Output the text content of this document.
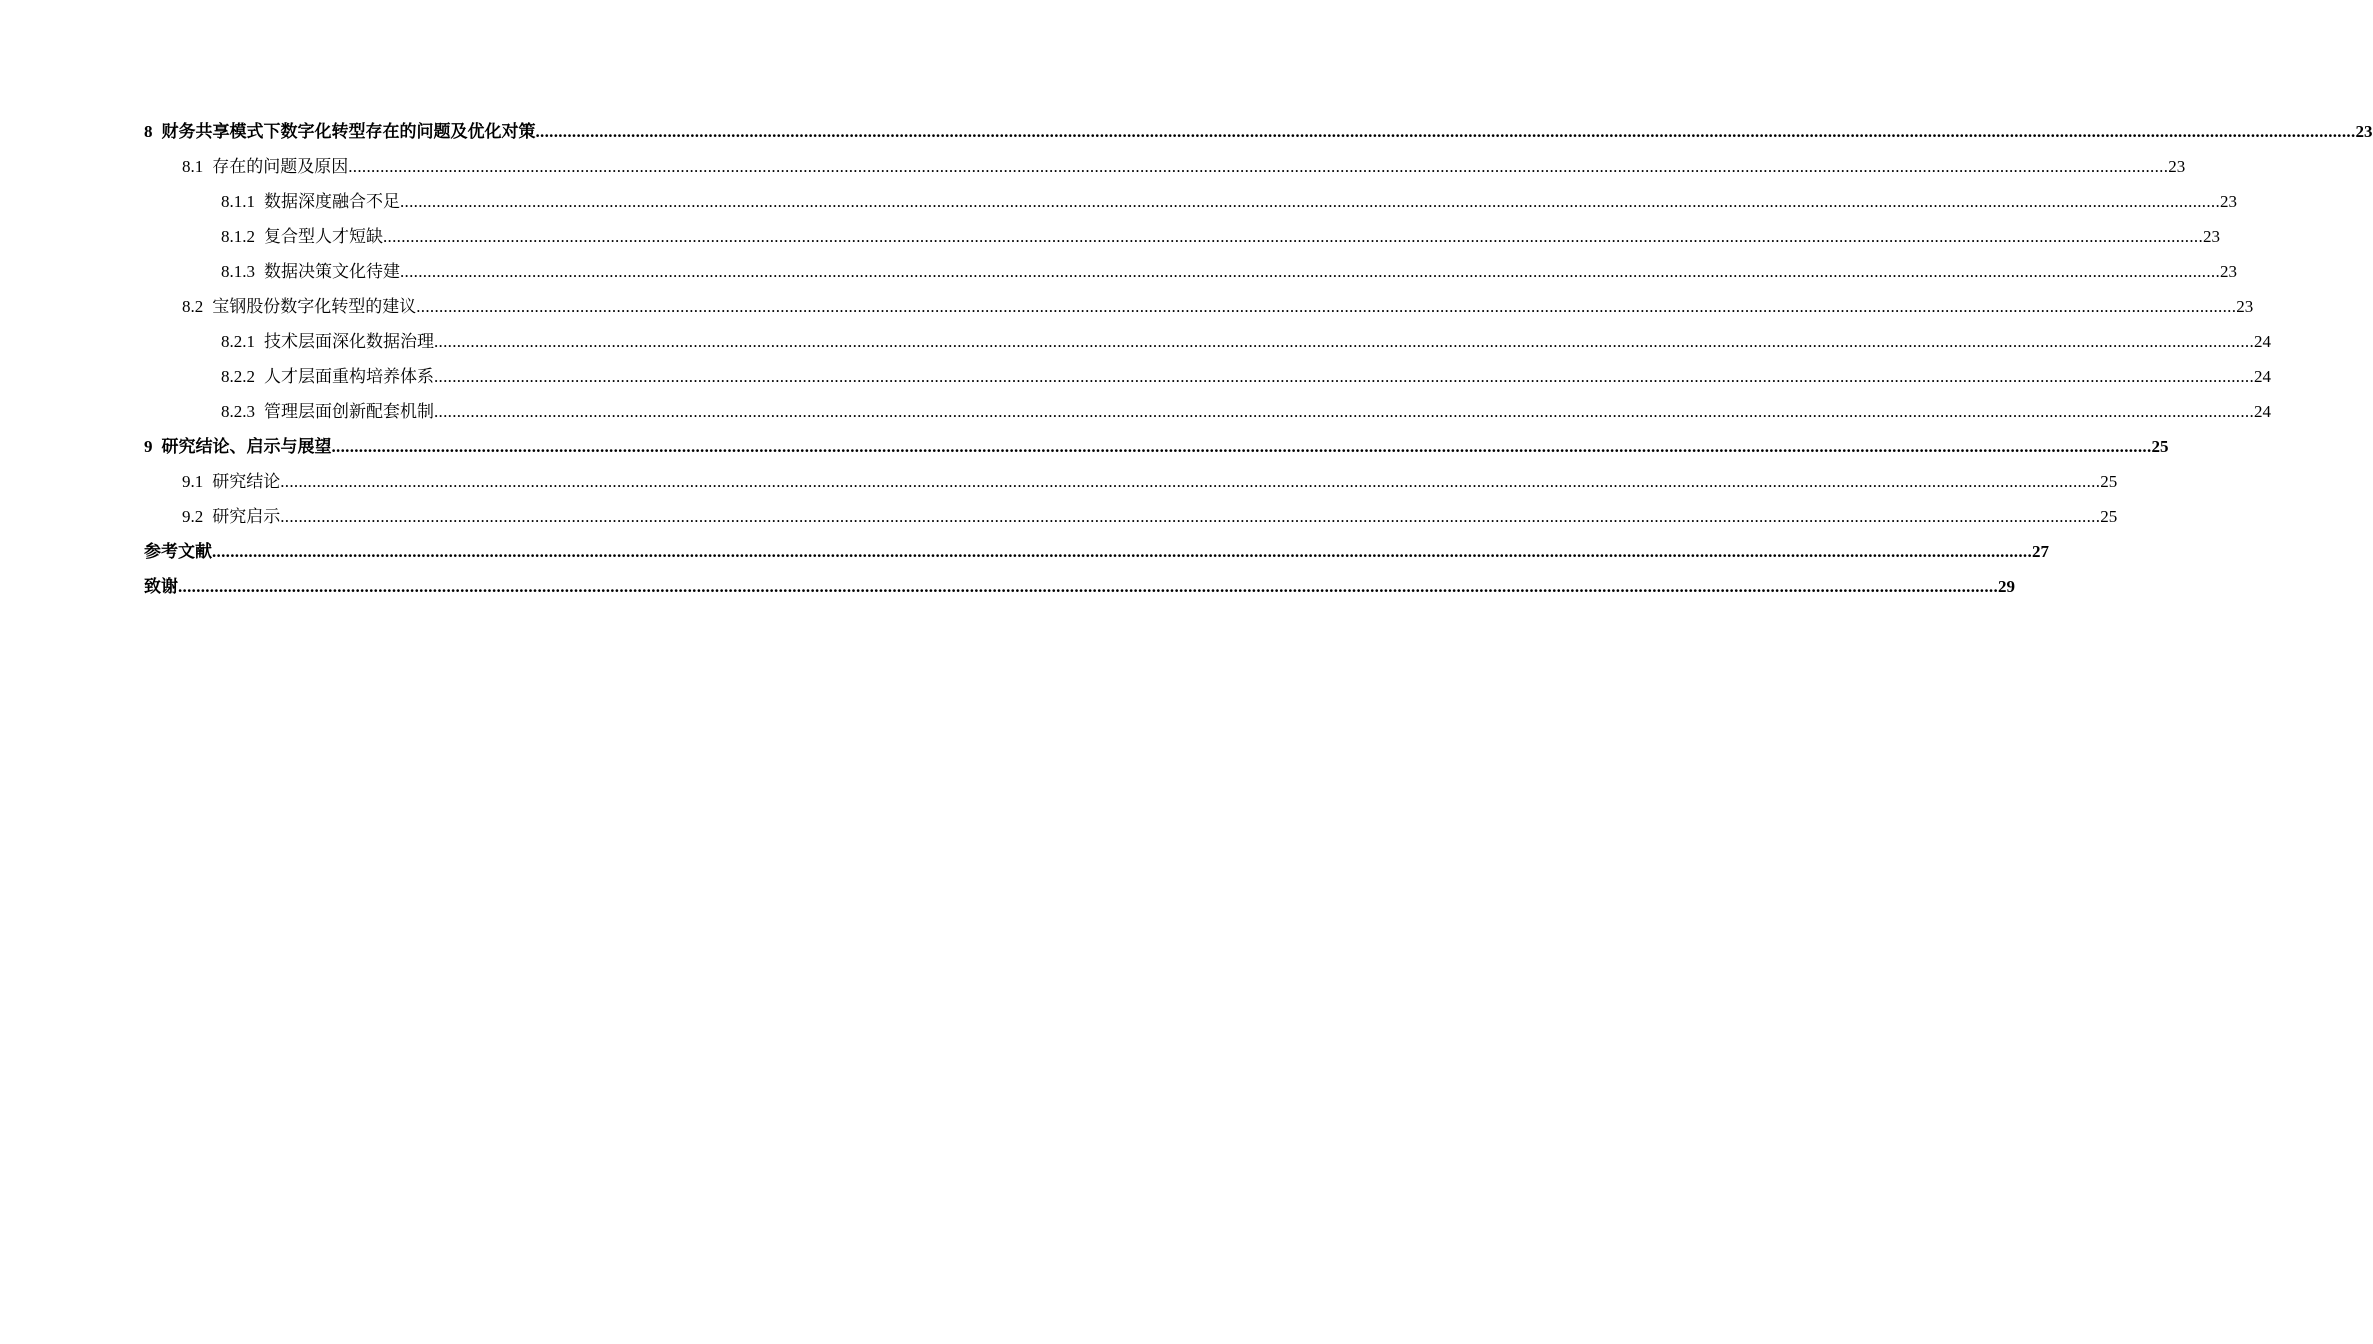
8 财务共享模式下数字化转型存在的问题及优化对策 ................................................................................................................................................................................................................................................................................................................................................................................................................ 23
8.1 存在的问题及原因 ................................................................................................................................................................................................................................................................................................................................................................................................................ 23
8.1.1 数据深度融合不足 ................................................................................................................................................................................................................................................................................................................................................................................................................ 23
8.1.2 复合型人才短缺 ................................................................................................................................................................................................................................................................................................................................................................................................................ 23
8.1.3 数据决策文化待建 ................................................................................................................................................................................................................................................................................................................................................................................................................ 23
8.2 宝钢股份数字化转型的建议 ................................................................................................................................................................................................................................................................................................................................................................................................................ 23
8.2.1 技术层面深化数据治理 ................................................................................................................................................................................................................................................................................................................................................................................................................ 24
8.2.2 人才层面重构培养体系 ................................................................................................................................................................................................................................................................................................................................................................................................................ 24
8.2.3 管理层面创新配套机制 ................................................................................................................................................................................................................................................................................................................................................................................................................ 24
9 研究结论、启示与展望 ................................................................................................................................................................................................................................................................................................................................................................................................................ 25
9.1 研究结论 ................................................................................................................................................................................................................................................................................................................................................................................................................ 25
9.2 研究启示 ................................................................................................................................................................................................................................................................................................................................................................................................................ 25
参考文献 ................................................................................................................................................................................................................................................................................................................................................................................................................ 27
致谢 ................................................................................................................................................................................................................................................................................................................................................................................................................ 29
